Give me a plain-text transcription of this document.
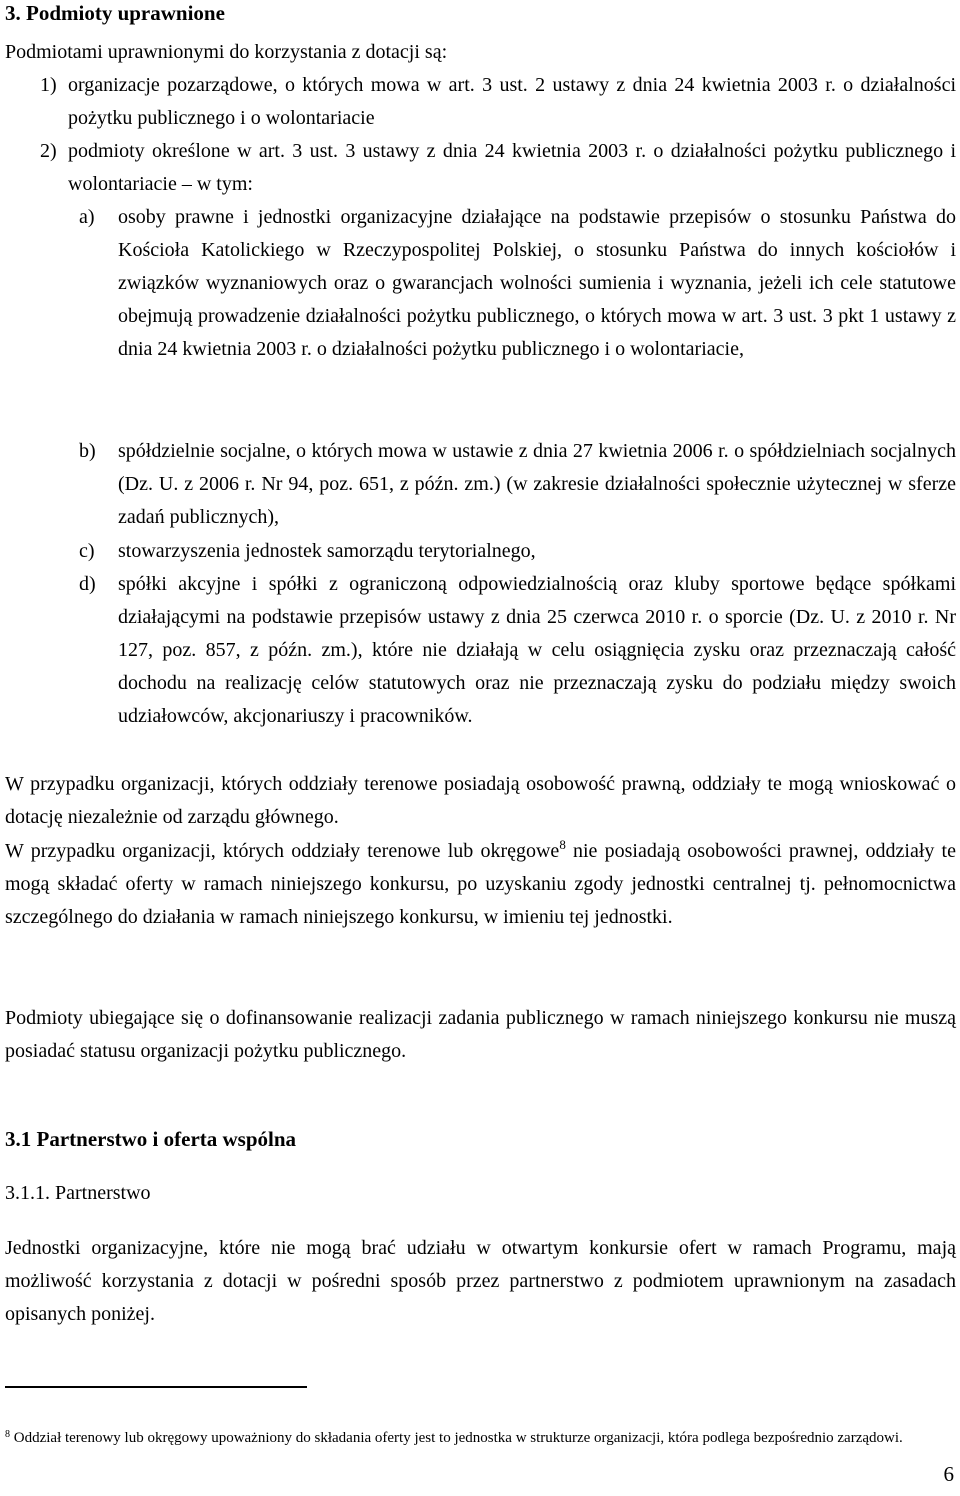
3. Podmioty uprawnione

Podmiotami uprawnionymi do korzystania z dotacji są:

1) organizacje pozarządowe, o których mowa w art. 3 ust. 2 ustawy z dnia 24 kwietnia 2003 r. o działalności pożytku publicznego i o wolontariacie
2) podmioty określone w art. 3 ust. 3 ustawy z dnia 24 kwietnia 2003 r. o działalności pożytku publicznego i wolontariacie – w tym:
a) osoby prawne i jednostki organizacyjne działające na podstawie przepisów o stosunku Państwa do Kościoła Katolickiego w Rzeczypospolitej Polskiej, o stosunku Państwa do innych kościołów i związków wyznaniowych oraz o gwarancjach wolności sumienia i wyznania, jeżeli ich cele statutowe obejmują prowadzenie działalności pożytku publicznego, o których mowa w art. 3 ust. 3 pkt 1 ustawy z dnia 24 kwietnia 2003 r. o działalności pożytku publicznego i o wolontariacie,
b) spółdzielnie socjalne, o których mowa w ustawie z dnia 27 kwietnia 2006 r. o spółdzielniach socjalnych (Dz. U. z 2006 r. Nr 94, poz. 651, z późn. zm.) (w zakresie działalności społecznie użytecznej w sferze zadań publicznych),
c) stowarzyszenia jednostek samorządu terytorialnego,
d) spółki akcyjne i spółki z ograniczoną odpowiedzialnością oraz kluby sportowe będące spółkami działającymi na podstawie przepisów ustawy z dnia 25 czerwca 2010 r. o sporcie (Dz. U. z 2010 r. Nr 127, poz. 857, z późn. zm.), które nie działają w celu osiągnięcia zysku oraz przeznaczają całość dochodu na realizację celów statutowych oraz nie przeznaczają zysku do podziału między swoich udziałowców, akcjonariuszy i pracowników.

W przypadku organizacji, których oddziały terenowe posiadają osobowość prawną, oddziały te mogą wnioskować o dotację niezależnie od zarządu głównego.

W przypadku organizacji, których oddziały terenowe lub okręgowe$^8$ nie posiadają osobowości prawnej, oddziały te mogą składać oferty w ramach niniejszego konkursu, po uzyskaniu zgody jednostki centralnej tj. pełnomocnictwa szczególnego do działania w ramach niniejszego konkursu, w imieniu tej jednostki.

Podmioty ubiegające się o dofinansowanie realizacji zadania publicznego w ramach niniejszego konkursu nie muszą posiadać statusu organizacji pożytku publicznego.

3.1 Partnerstwo i oferta wspólna

3.1.1. Partnerstwo

Jednostki organizacyjne, które nie mogą brać udziału w otwartym konkursie ofert w ramach Programu, mają możliwość korzystania z dotacji w pośredni sposób przez partnerstwo z podmiotem uprawnionym na zasadach opisanych poniżej.

$^8$ Oddział terenowy lub okręgowy upoważniony do składania oferty jest to jednostka w strukturze organizacji, która podlega bezpośrednio zarządowi.
6
